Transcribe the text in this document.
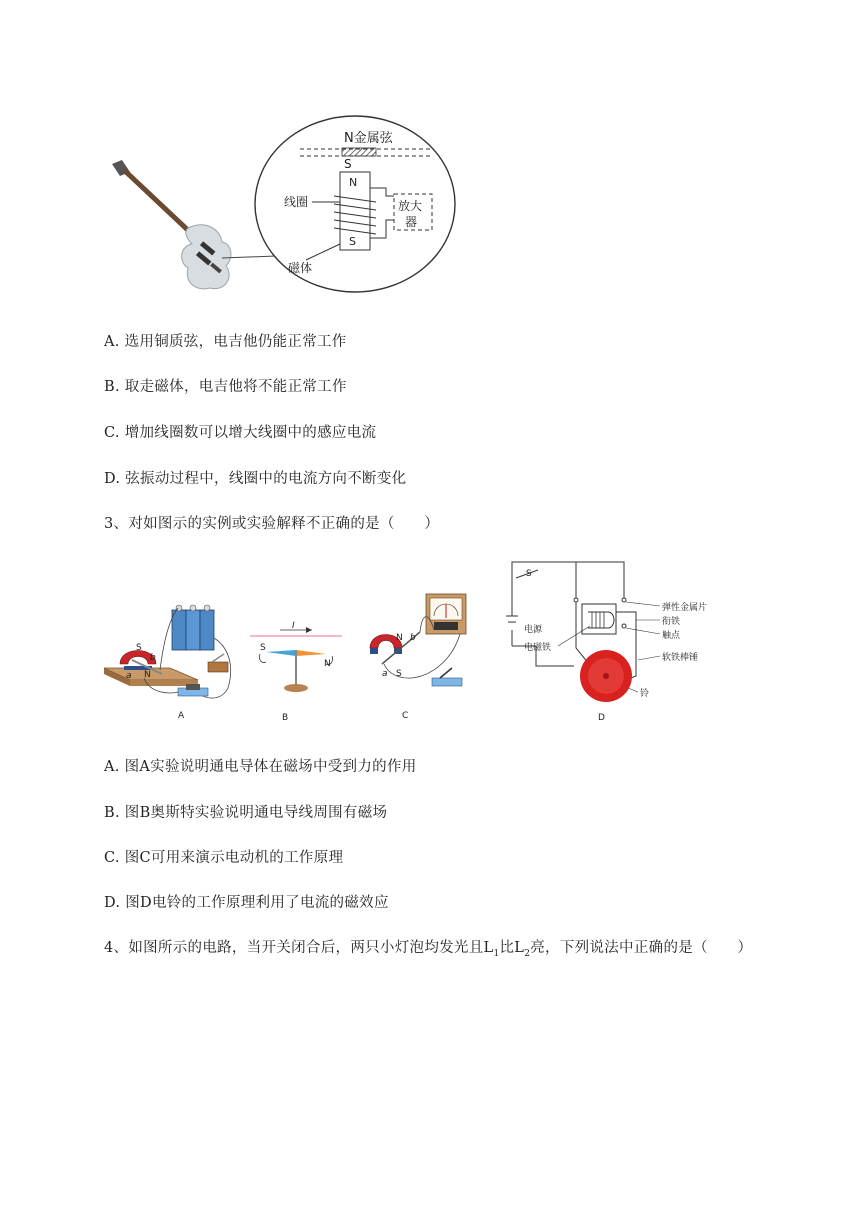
N金属弦
S
N
S
放大
器
线圈
磁体
A. 选用铜质弦，电吉他仍能正常工作
B. 取走磁体，电吉他将不能正常工作
C. 增加线圈数可以增大线圈中的感应电流
D. 弦振动过程中，线圈中的电流方向不断变化
3、对如图示的实例或实验解释不正确的是（　　）
S
N
a
b
A
I
S
N
B
N
S
a
b
C
S
电源
电磁铁
弹性金属片
衔铁
触点
软铁棒锤
铃
D
A. 图A实验说明通电导体在磁场中受到力的作用
B. 图B奥斯特实验说明通电导线周围有磁场
C. 图C可用来演示电动机的工作原理
D. 图D电铃的工作原理利用了电流的磁效应
4、如图所示的电路，当开关闭合后，两只小灯泡均发光且$L_1$比$L_2$亮，下列说法中正确的是（　　）
